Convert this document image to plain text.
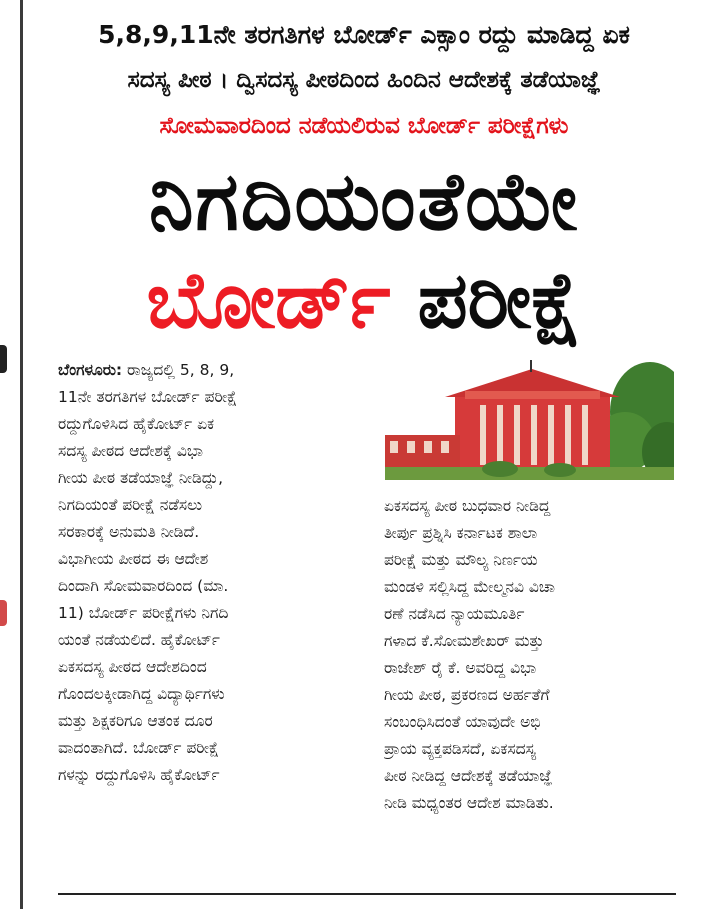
5,8,9,11ನೇ ತರಗತಿಗಳ ಬೋರ್ಡ್ ಎಕ್ಸಾಂ ರದ್ದು ಮಾಡಿದ್ದ ಏಕ
ಸದಸ್ಯ ಪೀಠ । ದ್ವಿಸದಸ್ಯ ಪೀಠದಿಂದ ಹಿಂದಿನ ಆದೇಶಕ್ಕೆ ತಡೆಯಾಜ್ಞೆ
ಸೋಮವಾರದಿಂದ ನಡೆಯಲಿರುವ ಬೋರ್ಡ್ ಪರೀಕ್ಷೆಗಳು
ನಿಗದಿಯಂತೆಯೇ
ಬೋರ್ಡ್ ಪರೀಕ್ಷೆ
ಬೆಂಗಳೂರು: ರಾಜ್ಯದಲ್ಲಿ 5, 8, 9,
11ನೇ ತರಗತಿಗಳ ಬೋರ್ಡ್ ಪರೀಕ್ಷೆ
ರದ್ದುಗೊಳಿಸಿದ ಹೈಕೋರ್ಟ್ ಏಕ
ಸದಸ್ಯ ಪೀಠದ ಆದೇಶಕ್ಕೆ ವಿಭಾ
ಗೀಯ ಪೀಠ ತಡೆಯಾಜ್ಞೆ ನೀಡಿದ್ದು,
ನಿಗದಿಯಂತೆ ಪರೀಕ್ಷೆ ನಡೆಸಲು
ಸರಕಾರಕ್ಕೆ ಅನುಮತಿ ನೀಡಿದೆ.
ವಿಭಾಗೀಯ ಪೀಠದ ಈ ಆದೇಶ
ದಿಂದಾಗಿ ಸೋಮವಾರದಿಂದ (ಮಾ.
11) ಬೋರ್ಡ್ ಪರೀಕ್ಷೆಗಳು ನಿಗದಿ
ಯಂತೆ ನಡೆಯಲಿದೆ. ಹೈಕೋರ್ಟ್
ಏಕಸದಸ್ಯ ಪೀಠದ ಆದೇಶದಿಂದ
ಗೊಂದಲಕ್ಕೀಡಾಗಿದ್ದ ವಿದ್ಯಾರ್ಥಿಗಳು
ಮತ್ತು ಶಿಕ್ಷಕರಿಗೂ ಆತಂಕ ದೂರ
ವಾದಂತಾಗಿದೆ. ಬೋರ್ಡ್ ಪರೀಕ್ಷೆ
ಗಳನ್ನು ರದ್ದುಗೊಳಿಸಿ ಹೈಕೋರ್ಟ್
ಏಕಸದಸ್ಯ ಪೀಠ ಬುಧವಾರ ನೀಡಿದ್ದ
ತೀರ್ಪು ಪ್ರಶ್ನಿಸಿ ಕರ್ನಾಟಕ ಶಾಲಾ
ಪರೀಕ್ಷೆ ಮತ್ತು ಮೌಲ್ಯ ನಿರ್ಣಯ
ಮಂಡಳಿ ಸಲ್ಲಿಸಿದ್ದ ಮೇಲ್ಮನವಿ ವಿಚಾ
ರಣೆ ನಡೆಸಿದ ನ್ಯಾಯಮೂರ್ತಿ
ಗಳಾದ ಕೆ.ಸೋಮಶೇಖರ್ ಮತ್ತು
ರಾಜೇಶ್ ರೈ ಕೆ. ಅವರಿದ್ದ ವಿಭಾ
ಗೀಯ ಪೀಠ, ಪ್ರಕರಣದ ಅರ್ಹತೆಗೆ
ಸಂಬಂಧಿಸಿದಂತೆ ಯಾವುದೇ ಅಭಿ
ಪ್ರಾಯ ವ್ಯಕ್ತಪಡಿಸದೆ, ಏಕಸದಸ್ಯ
ಪೀಠ ನೀಡಿದ್ದ ಆದೇಶಕ್ಕೆ ತಡೆಯಾಜ್ಞೆ
ನೀಡಿ ಮಧ್ಯಂತರ ಆದೇಶ ಮಾಡಿತು.
